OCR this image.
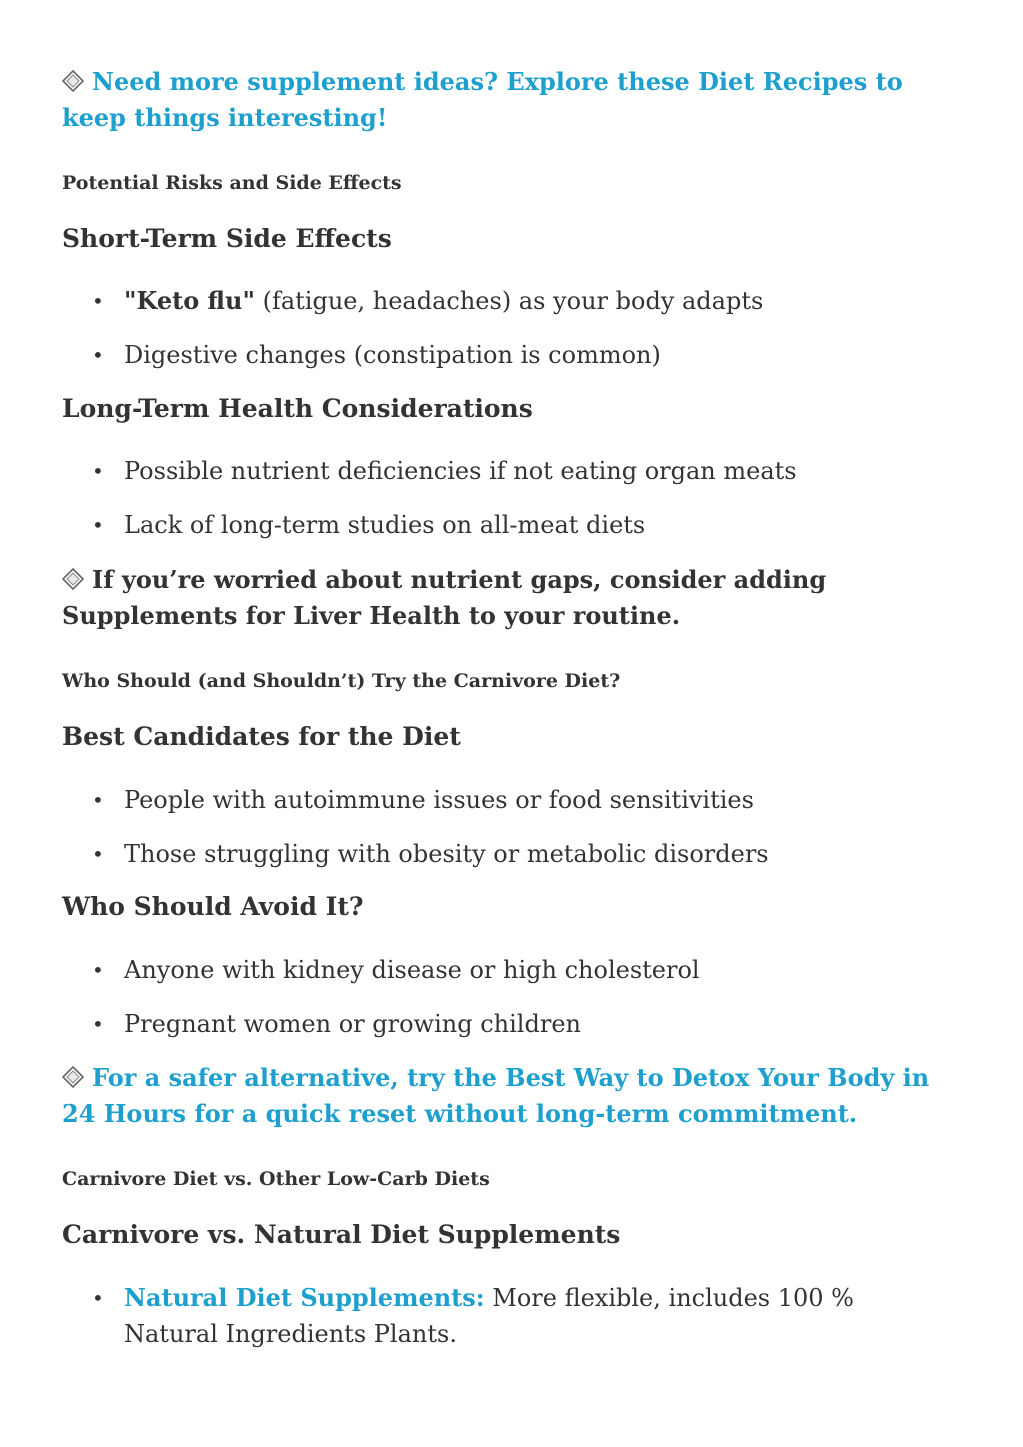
Need more supplement ideas? Explore these Diet Recipes to keep things interesting!

Potential Risks and Side Effects

Short-Term Side Effects

• "Keto flu" (fatigue, headaches) as your body adapts
• Digestive changes (constipation is common)

Long-Term Health Considerations

• Possible nutrient deficiencies if not eating organ meats
• Lack of long-term studies on all-meat diets

If you’re worried about nutrient gaps, consider adding Supplements for Liver Health to your routine.

Who Should (and Shouldn’t) Try the Carnivore Diet?

Best Candidates for the Diet

• People with autoimmune issues or food sensitivities
• Those struggling with obesity or metabolic disorders

Who Should Avoid It?

• Anyone with kidney disease or high cholesterol
• Pregnant women or growing children

For a safer alternative, try the Best Way to Detox Your Body in 24 Hours for a quick reset without long-term commitment.

Carnivore Diet vs. Other Low-Carb Diets

Carnivore vs. Natural Diet Supplements

• Natural Diet Supplements: More flexible, includes 100 % Natural Ingredients Plants.
